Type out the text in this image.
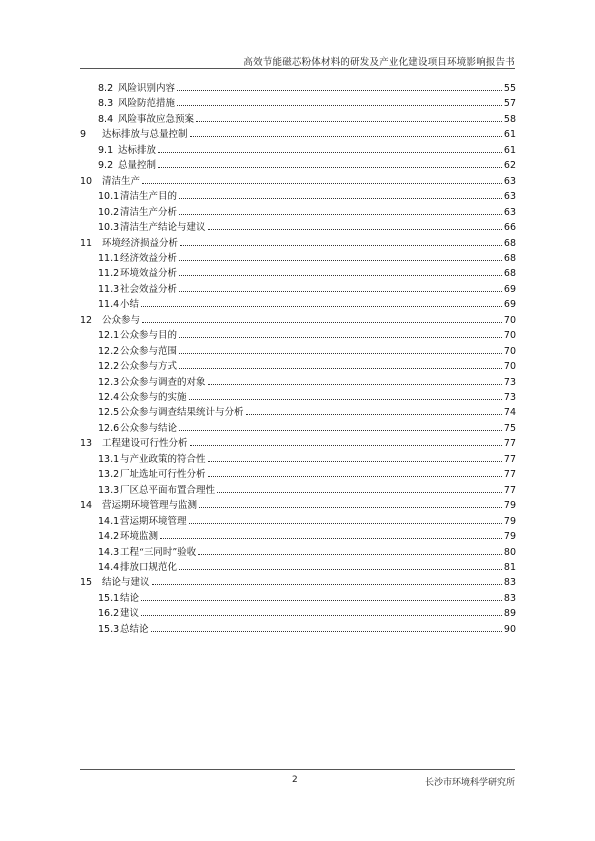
高效节能磁芯粉体材料的研发及产业化建设项目环境影响报告书
8.2 风险识别内容	55
8.3 风险防范措施	57
8.4 风险事故应急预案	58
9	达标排放与总量控制	61
9.1 达标排放	61
9.2 总量控制	62
10	清洁生产	63
10.1 清洁生产目的	63
10.2 清洁生产分析	63
10.3 清洁生产结论与建议	66
11	环境经济损益分析	68
11.1 经济效益分析	68
11.2 环境效益分析	68
11.3 社会效益分析	69
11.4 小结	69
12	公众参与	70
12.1 公众参与目的	70
12.2 公众参与范围	70
12.2 公众参与方式	70
12.3 公众参与调查的对象	73
12.4 公众参与的实施	73
12.5 公众参与调查结果统计与分析	74
12.6 公众参与结论	75
13	工程建设可行性分析	77
13.1 与产业政策的符合性	77
13.2 厂址选址可行性分析	77
13.3 厂区总平面布置合理性	77
14	营运期环境管理与监测	79
14.1 营运期环境管理	79
14.2 环境监测	79
14.3 工程“三同时”验收	80
14.4 排放口规范化	81
15	结论与建议	83
15.1 结论	83
16.2 建议	89
15.3 总结论	90
2	长沙市环境科学研究所
